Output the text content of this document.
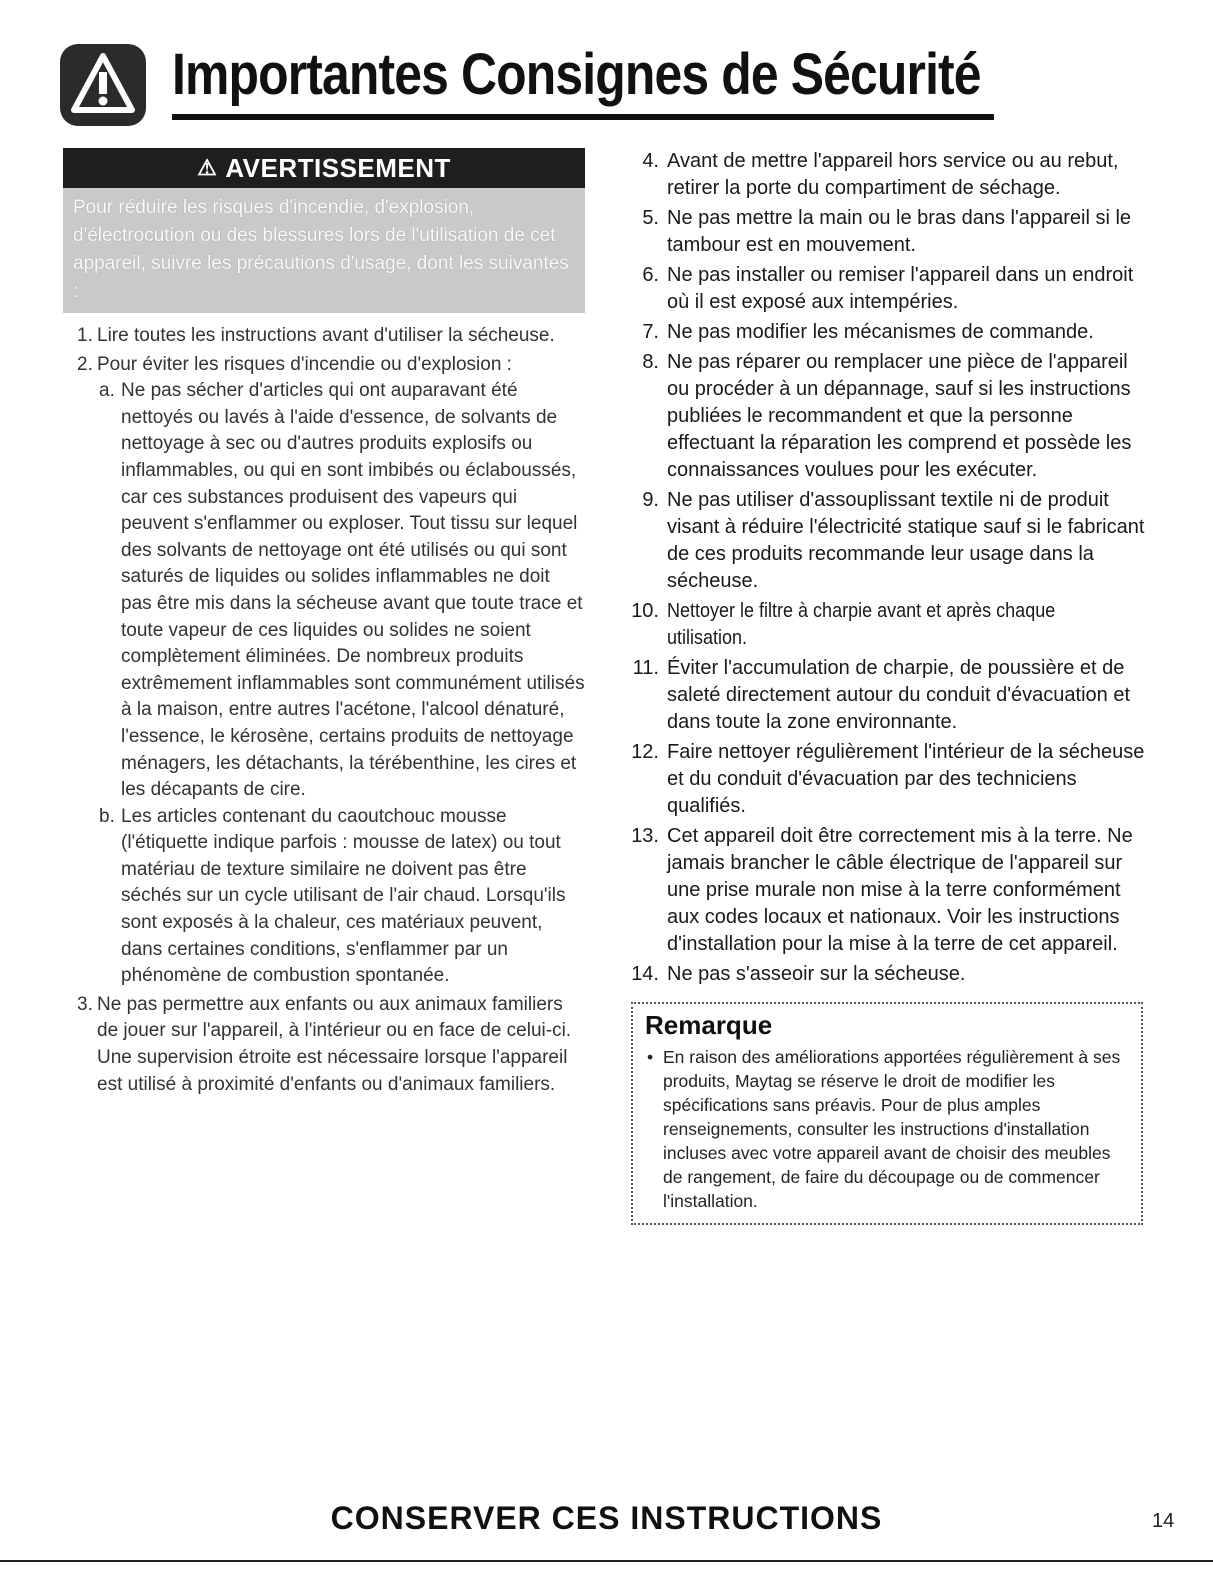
Importantes Consignes de Sécurité
⚠ AVERTISSEMENT
Pour réduire les risques d'incendie, d'explosion, d'électrocution ou des blessures lors de l'utilisation de cet appareil, suivre les précautions d'usage, dont les suivantes :
1. Lire toutes les instructions avant d'utiliser la sécheuse.
2. Pour éviter les risques d'incendie ou d'explosion :
a. Ne pas sécher d'articles qui ont auparavant été nettoyés ou lavés à l'aide d'essence, de solvants de nettoyage à sec ou d'autres produits explosifs ou inflammables, ou qui en sont imbibés ou éclaboussés, car ces substances produisent des vapeurs qui peuvent s'enflammer ou exploser. Tout tissu sur lequel des solvants de nettoyage ont été utilisés ou qui sont saturés de liquides ou solides inflammables ne doit pas être mis dans la sécheuse avant que toute trace et toute vapeur de ces liquides ou solides ne soient complètement éliminées. De nombreux produits extrêmement inflammables sont communément utilisés à la maison, entre autres l'acétone, l'alcool dénaturé, l'essence, le kérosène, certains produits de nettoyage ménagers, les détachants, la térébenthine, les cires et les décapants de cire.
b. Les articles contenant du caoutchouc mousse (l'étiquette indique parfois : mousse de latex) ou tout matériau de texture similaire ne doivent pas être séchés sur un cycle utilisant de l'air chaud. Lorsqu'ils sont exposés à la chaleur, ces matériaux peuvent, dans certaines conditions, s'enflammer par un phénomène de combustion spontanée.
3. Ne pas permettre aux enfants ou aux animaux familiers de jouer sur l'appareil, à l'intérieur ou en face de celui-ci. Une supervision étroite est nécessaire lorsque l'appareil est utilisé à proximité d'enfants ou d'animaux familiers.
4. Avant de mettre l'appareil hors service ou au rebut, retirer la porte du compartiment de séchage.
5. Ne pas mettre la main ou le bras dans l'appareil si le tambour est en mouvement.
6. Ne pas installer ou remiser l'appareil dans un endroit où il est exposé aux intempéries.
7. Ne pas modifier les mécanismes de commande.
8. Ne pas réparer ou remplacer une pièce de l'appareil ou procéder à un dépannage, sauf si les instructions publiées le recommandent et que la personne effectuant la réparation les comprend et possède les connaissances voulues pour les exécuter.
9. Ne pas utiliser d'assouplissant textile ni de produit visant à réduire l'électricité statique sauf si le fabricant de ces produits recommande leur usage dans la sécheuse.
10. Nettoyer le filtre à charpie avant et après chaque utilisation.
11. Éviter l'accumulation de charpie, de poussière et de saleté directement autour du conduit d'évacuation et dans toute la zone environnante.
12. Faire nettoyer régulièrement l'intérieur de la sécheuse et du conduit d'évacuation par des techniciens qualifiés.
13. Cet appareil doit être correctement mis à la terre. Ne jamais brancher le câble électrique de l'appareil sur une prise murale non mise à la terre conformément aux codes locaux et nationaux. Voir les instructions d'installation pour la mise à la terre de cet appareil.
14. Ne pas s'asseoir sur la sécheuse.
Remarque
• En raison des améliorations apportées régulièrement à ses produits, Maytag se réserve le droit de modifier les spécifications sans préavis. Pour de plus amples renseignements, consulter les instructions d'installation incluses avec votre appareil avant de choisir des meubles de rangement, de faire du découpage ou de commencer l'installation.
CONSERVER CES INSTRUCTIONS	14
